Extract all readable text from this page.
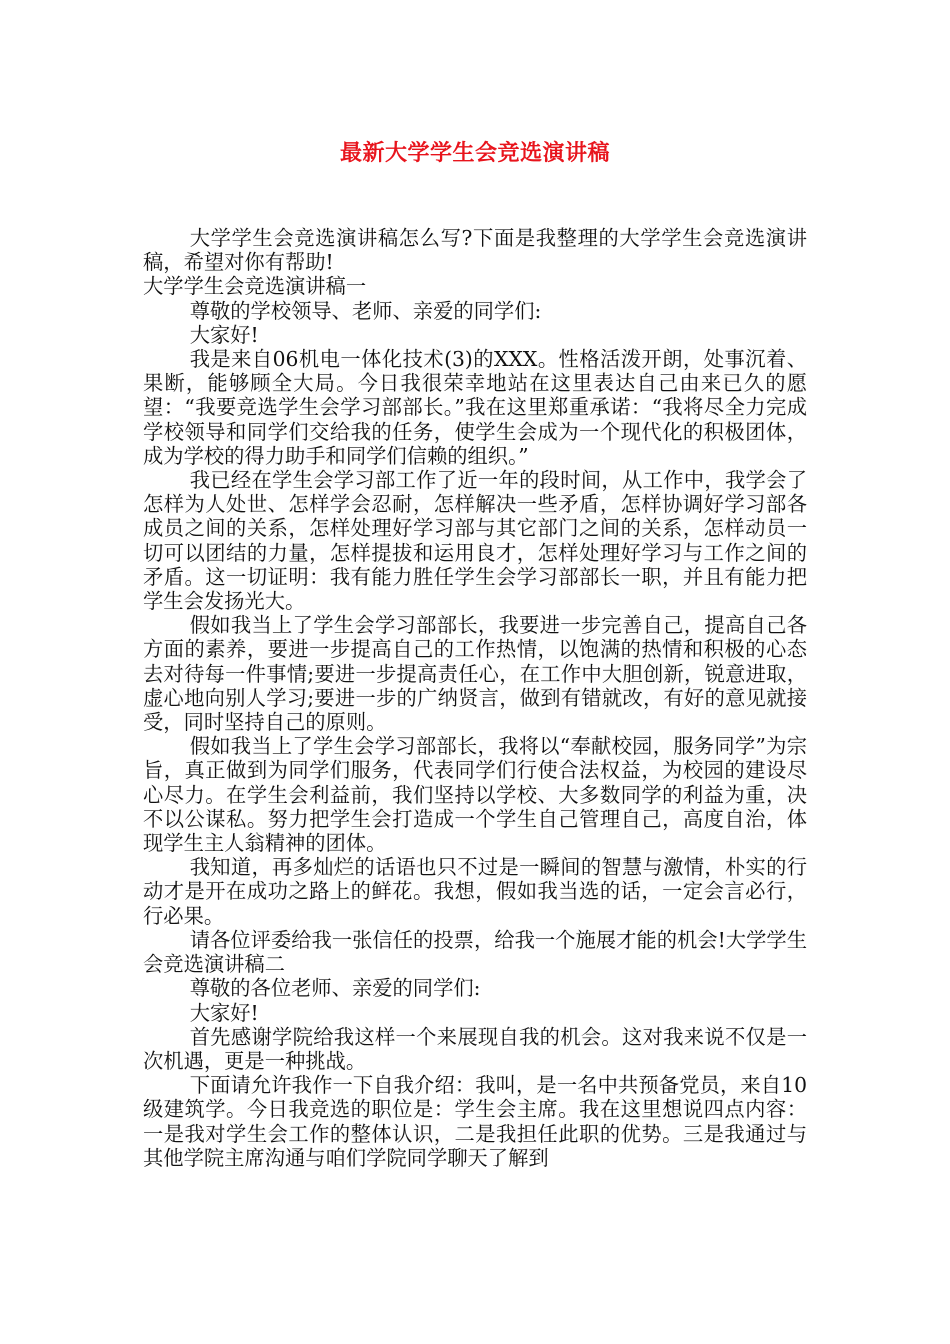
最新大学学生会竞选演讲稿

大学学生会竞选演讲稿怎么写?下面是我整理的大学学生会竞选演讲稿，希望对你有帮助!

大学学生会竞选演讲稿一

尊敬的学校领导、老师、亲爱的同学们:

大家好!

我是来自06机电一体化技术(3)的XXX。性格活泼开朗，处事沉着、果断，能够顾全大局。今日我很荣幸地站在这里表达自己由来已久的愿望：“我要竞选学生会学习部部长。”我在这里郑重承诺：“我将尽全力完成学校领导和同学们交给我的任务，使学生会成为一个现代化的积极团体，成为学校的得力助手和同学们信赖的组织。”

我已经在学生会学习部工作了近一年的段时间，从工作中，我学会了怎样为人处世、怎样学会忍耐，怎样解决一些矛盾，怎样协调好学习部各成员之间的关系，怎样处理好学习部与其它部门之间的关系，怎样动员一切可以团结的力量，怎样提拔和运用良才，怎样处理好学习与工作之间的矛盾。这一切证明：我有能力胜任学生会学习部部长一职，并且有能力把学生会发扬光大。

假如我当上了学生会学习部部长，我要进一步完善自己，提高自己各方面的素养，要进一步提高自己的工作热情，以饱满的热情和积极的心态去对待每一件事情;要进一步提高责任心，在工作中大胆创新，锐意进取，虚心地向别人学习;要进一步的广纳贤言，做到有错就改，有好的意见就接受，同时坚持自己的原则。

假如我当上了学生会学习部部长，我将以“奉献校园，服务同学”为宗旨，真正做到为同学们服务，代表同学们行使合法权益，为校园的建设尽心尽力。在学生会利益前，我们坚持以学校、大多数同学的利益为重，决不以公谋私。努力把学生会打造成一个学生自己管理自己，高度自治，体现学生主人翁精神的团体。

我知道，再多灿烂的话语也只不过是一瞬间的智慧与激情，朴实的行动才是开在成功之路上的鲜花。我想，假如我当选的话，一定会言必行，行必果。

请各位评委给我一张信任的投票，给我一个施展才能的机会!大学学生会竞选演讲稿二

尊敬的各位老师、亲爱的同学们:

大家好!

首先感谢学院给我这样一个来展现自我的机会。这对我来说不仅是一次机遇，更是一种挑战。

下面请允许我作一下自我介绍：我叫，是一名中共预备党员，来自10级建筑学。今日我竞选的职位是：学生会主席。我在这里想说四点内容：一是我对学生会工作的整体认识，二是我担任此职的优势。三是我通过与其他学院主席沟通与咱们学院同学聊天了解到
